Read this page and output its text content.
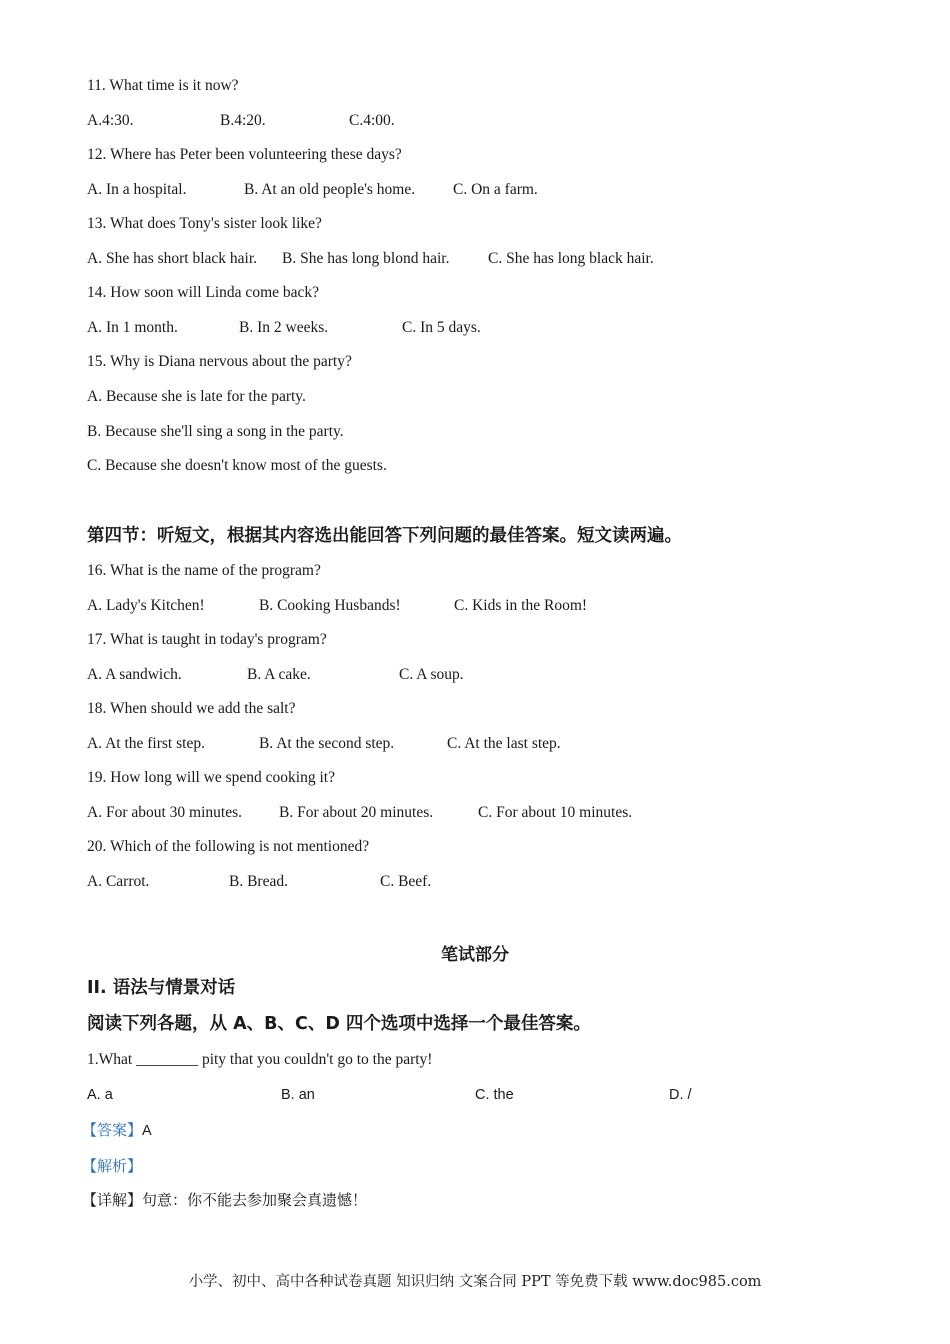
11. What time is it now?
A.4:30.	B.4:20.	C.4:00.
12. Where has Peter been volunteering these days?
A. In a hospital.	B. At an old people's home. C. On a farm.
13. What does Tony's sister look like?
A. She has short black hair. B. She has long blond hair. C. She has long black hair.
14. How soon will Linda come back?
A. In 1 month.	B. In 2 weeks.	C. In 5 days.
15. Why is Diana nervous about the party?
A. Because she is late for the party.
B. Because she'll sing a song in the party.
C. Because she doesn't know most of the guests.
第四节：听短文，根据其内容选出能回答下列问题的最佳答案。短文读两遍。
16. What is the name of the program?
A. Lady's Kitchen!	B. Cooking Husbands!	C. Kids in the Room!
17. What is taught in today's program?
A. A sandwich.	B. A cake.	C. A soup.
18. When should we add the salt?
A. At the first step.	B. At the second step.	C. At the last step.
19. How long will we spend cooking it?
A. For about 30 minutes. B. For about 20 minutes.	C. For about 10 minutes.
20. Which of the following is not mentioned?
A. Carrot.	B. Bread.	C. Beef.
笔试部分
II. 语法与情景对话
阅读下列各题，从 A、B、C、D 四个选项中选择一个最佳答案。
1.What ________ pity that you couldn't go to the party!
A. a	B. an	C. the	D. /
【答案】A
【解析】
【详解】句意：你不能去参加聚会真遗憾！
小学、初中、高中各种试卷真题 知识归纳 文案合同 PPT 等免费下载 www.doc985.com
